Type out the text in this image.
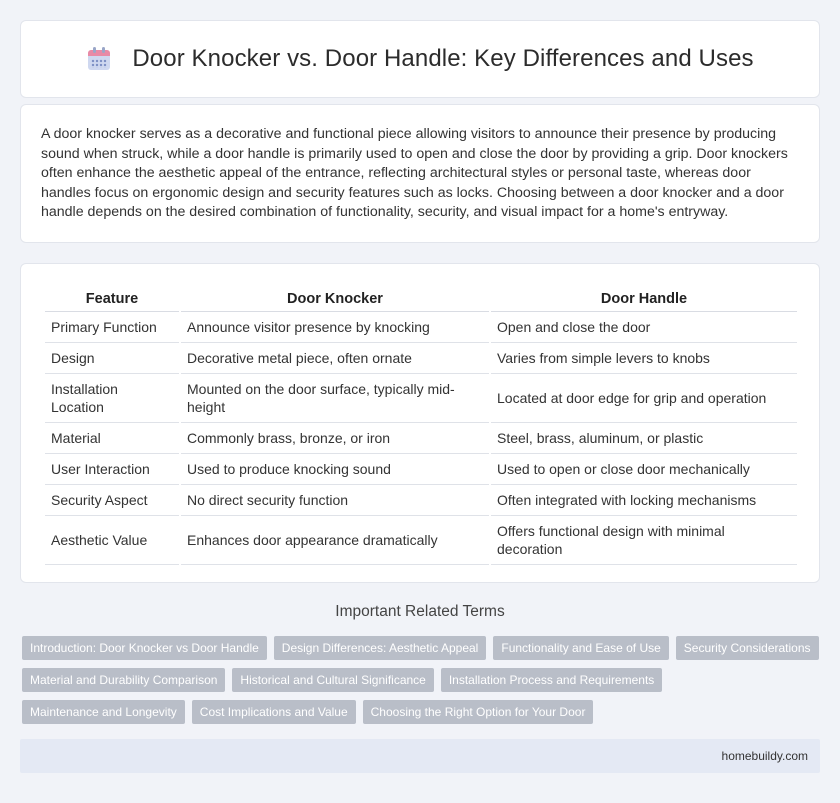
Door Knocker vs. Door Handle: Key Differences and Uses

A door knocker serves as a decorative and functional piece allowing visitors to announce their presence by producing sound when struck, while a door handle is primarily used to open and close the door by providing a grip. Door knockers often enhance the aesthetic appeal of the entrance, reflecting architectural styles or personal taste, whereas door handles focus on ergonomic design and security features such as locks. Choosing between a door knocker and a door handle depends on the desired combination of functionality, security, and visual impact for a home's entryway.

Feature	Door Knocker	Door Handle
Primary Function	Announce visitor presence by knocking	Open and close the door
Design	Decorative metal piece, often ornate	Varies from simple levers to knobs
Installation Location	Mounted on the door surface, typically mid-height	Located at door edge for grip and operation
Material	Commonly brass, bronze, or iron	Steel, brass, aluminum, or plastic
User Interaction	Used to produce knocking sound	Used to open or close door mechanically
Security Aspect	No direct security function	Often integrated with locking mechanisms
Aesthetic Value	Enhances door appearance dramatically	Offers functional design with minimal decoration
Important Related Terms
Introduction: Door Knocker vs Door Handle	Design Differences: Aesthetic Appeal	Functionality and Ease of Use	Security Considerations
Material and Durability Comparison	Historical and Cultural Significance	Installation Process and Requirements
Maintenance and Longevity	Cost Implications and Value	Choosing the Right Option for Your Door
homebuildy.com
